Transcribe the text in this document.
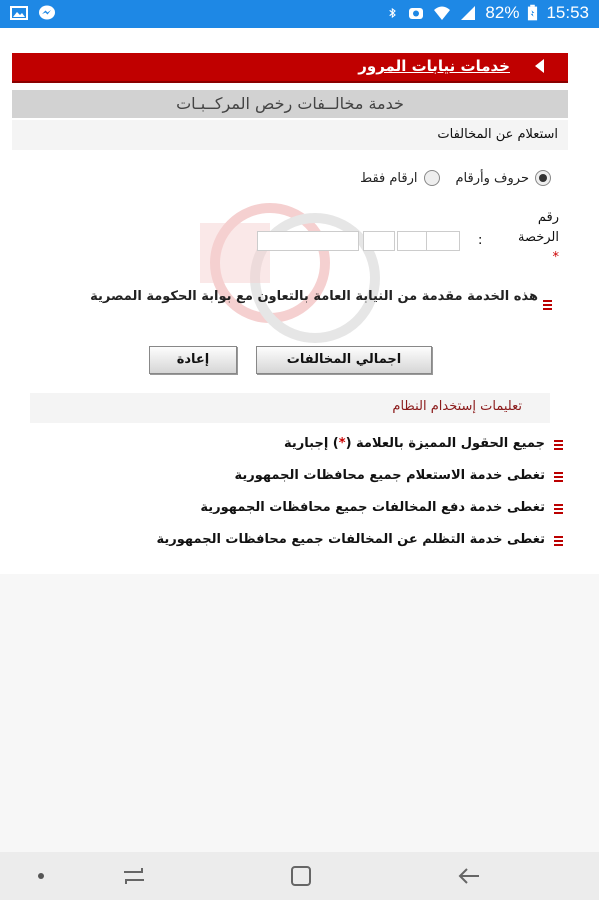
82% 15:53
خدمات نيابات المرور
خدمة مخالــفات رخص المركــبـات
استعلام عن المخالفات
حروف وأرقام
ارقام فقط
رقم
الرخصة
*
:
هذه الخدمة مقدمة من النيابة العامة بالتعاون مع بوابة الحكومة المصرية
اجمالي المخالفات
إعادة
تعليمات إستخدام النظام
جميع الحقول المميزة بالعلامة (*) إجبارية
تغطى خدمة الاستعلام جميع محافظات الجمهورية
تغطى خدمة دفع المخالفات جميع محافظات الجمهورية
تغطى خدمة التظلم عن المخالفات جميع محافظات الجمهورية
